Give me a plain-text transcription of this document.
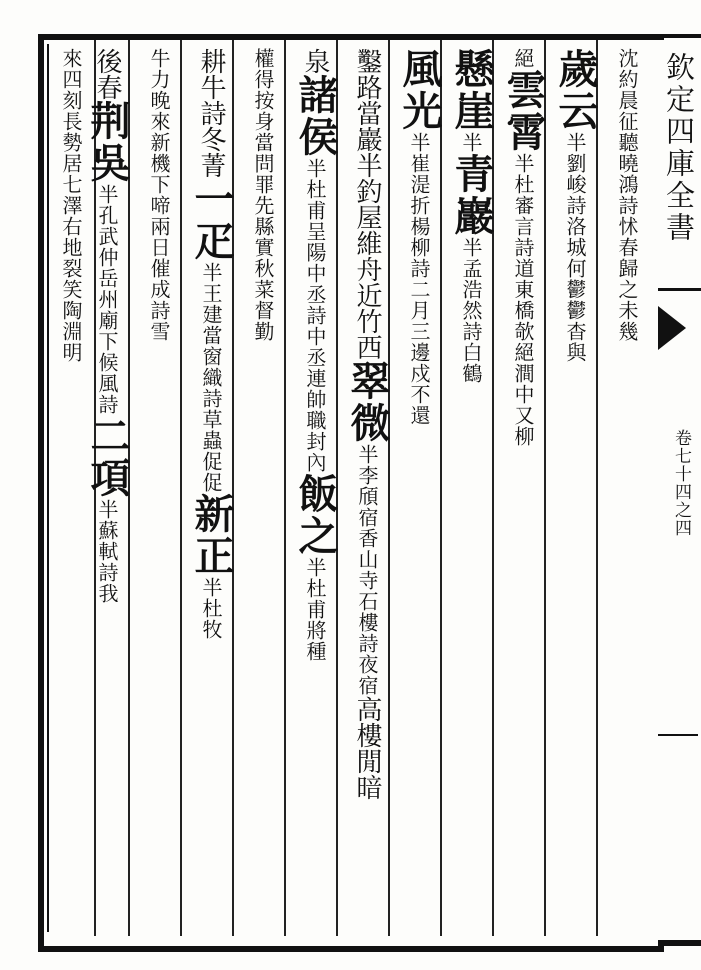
欽定四庫全書
卷七十四之四
沈約晨征聽曉鴻詩怵春歸之未幾
歲云半劉峻詩洛城何鬱鬱杳與
絕雲霄半杜審言詩道東橋欹絕澗中又柳
懸崖半青巖半孟浩然詩白鶴
風光半崔湜折楊柳詩二月三邊戍不還
鑿路當巖半釣屋維舟近竹西翠微半李頎宿香山寺石樓詩夜宿高樓閒暗
泉諸侯半杜甫呈陽中丞詩中丞連帥職封內飯之半杜甫將種
權得按身當問罪先縣實秋菜督勤
耕牛詩冬菁一疋半王建當窗織詩草蟲促促新正半杜牧
牛力晚來新機下啼兩日催成詩雪
後春荆吳半孔武仲岳州廟下候風詩二項半蘇軾詩我
來四刻長勢居七澤右地裂笑陶淵明
